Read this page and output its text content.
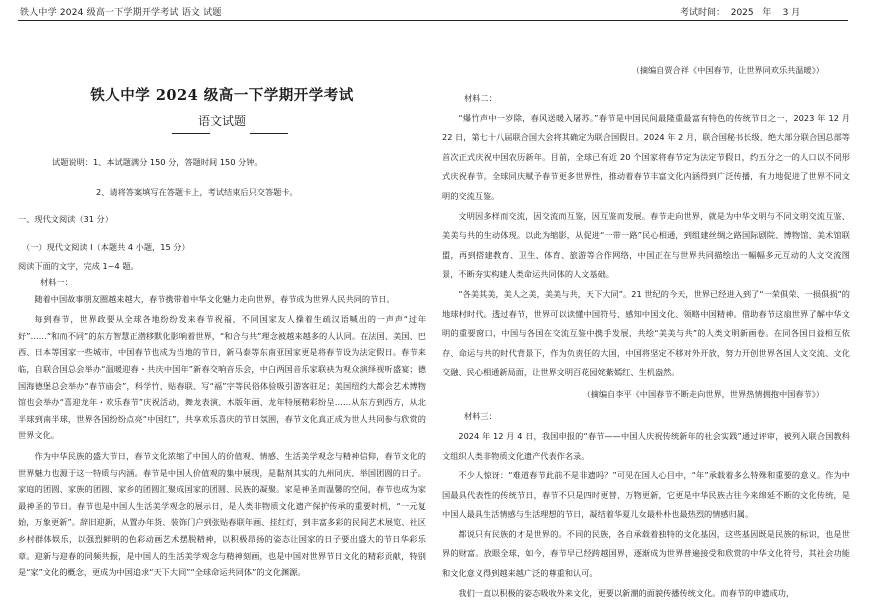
铁人中学 2024 级高一下学期开学考试 语文 试题	考试时间：  2025   年    3 月
铁人中学 2024 级高一下学期开学考试
语文试题
试题说明：1、本试题满分 150 分，答题时间 150 分钟。
2、请将答案填写在答题卡上，考试结束后只交答题卡。
一、现代文阅读（31 分）
（一）现代文阅读 I（本题共 4 小题，15 分）
阅读下面的文字，完成 1~4 题。
材料一：

随着中国故事朋友圈越来越大，春节携带着中华文化魅力走向世界，春节成为世界人民共同的节日。

每到春节，世界政要从全球各地纷纷发来春节祝福，不同国家友人操着生疏汉语喊出的一声声“过年好”……“和而不同”的东方智慧正潜移默化影响着世界，“和合与共”理念被越来越多的人认同。在法国、美国、巴西、日本等国家一些城市，中国春节也成为当地的节日，新马泰等东南亚国家更是将春节设为法定假日。春节来临，自联合国总会举办“温暖迎春・共庆中国年”新春交响音乐会，中白两国音乐家联袂为观众演绎视听盛宴；德国海德堡总会举办“春节庙会”，科学竹、贴春联、写“福”字等民俗体验吸引游客驻足；美国纽约大都会艺术博物馆也会举办“喜迎龙年・欢乐春节”庆祝活动，舞龙表演、木版年画、龙年特展精彩纷呈……从东方到西方，从北半球到南半球，世界各国纷纷点亮“中国红”，共享欢乐喜庆的节日氛围，春节文化真正成为世人共同参与欣赏的世界文化。

作为中华民族的盛大节日，春节文化浓缩了中国人的价值观、情感、生活美学观念与精神信仰，春节文化的世界魅力也源于这一特质与内涵。春节是中国人价值观的集中展现，是黏剂其实的九州同庆、举国团圆的日子。家庭的团圆、家族的团圆、家乡的团圆汇聚成国家的团圆、民族的凝聚。家是神圣而温馨的空间，春节也成为家最神圣的节日。春节也是中国人生活美学观念的展示日，是人类非物质文化遗产保护传承的重要时机，“一元复始，万象更新”。辞旧迎新，从置办年货、装饰门户到张贴春联年画、挂红灯，到丰富多彩的民间艺术展览、社区乡村群体娱乐，以强烈鲜明的色彩动画艺术摆脱精神，以积极昂扬的姿态让国家的日子要出盛大的节日华彩乐章。迎新与迎春的同频共振，是中国人的生活美学观念与精神刻画，也是中国对世界节日文化的精彩贡献，特别是“家”文化的概念，更成为中国追求“天下大同”“全球命运共同体”的文化渊源。

（摘编自贾合祥《中国春节，让世界同欢乐共温暖》）
材料二：

“爆竹声中一岁除，春风送暖入屠苏。”春节是中国民间最隆重最富有特色的传统节日之一，2023 年 12 月 22 日，第七十八届联合国大会将其确定为联合国假日。2024 年 2 月，联合国秘书长级、绝大部分联合国总部等首次正式庆祝中国农历新年。目前，全球已有近 20 个国家将春节定为法定节假日，约五分之一的人口以不同形式庆祝春节。全球同庆赋予春节更多世界性，推动着春节丰富文化内涵得到广泛传播，有力地促进了世界不同文明的交流互鉴。

文明因多样而交流，因交流而互鉴，因互鉴而发展。春节走向世界，就是为中华文明与不同文明交流互鉴、美美与共的生动体现。以此为缩影，从促进“一带一路”民心相通，到组建丝绸之路国际剧院、博物馆、美术馆联盟，再到搭建教育、卫生、体育、旅游等合作网络，中国正在与世界共同描绘出一幅幅多元互动的人文交流图景，不断夯实构建人类命运共同体的人文基础。

“各美其美，美人之美，美美与共，天下大同”。21 世纪的今天，世界已经进入到了“一荣俱荣、一损俱损”的地球村时代。透过春节，世界可以读懂中国符号、感知中国文化、领略中国精神。借助春节这扇世界了解中华文明的重要窗口，中国与各国在交流互鉴中携手发展，共绘“美美与共”的人类文明新画卷。在同各国日益相互依存、命运与共的时代背景下，作为负责任的大国，中国将坚定不移对外开放，努力开创世界各国人文交流、文化交融、民心相通新局面，让世界文明百花园姹紫嫣红、生机盎然。

（摘编自李平《中国春节不断走向世界，世界热情拥抱中国春节》）
材料三：

2024 年 12 月 4 日，我国申报的“春节——中国人庆祝传统新年的社会实践”通过评审，被列入联合国教科文组织人类非物质文化遗产代表作名录。

不少人惊讶：“难道春节此前不是非遗吗？”可见在国人心目中，“年”承载着多么特殊和重要的意义。作为中国最具代表性的传统节日，春节不只是四时更替、万物更新，它更是中华民族古往今来绵延不断的文化传统，是中国人最具生活情感与生活理想的节日，凝结着华夏儿女最朴朴也最热烈的情感归属。

都说只有民族的才是世界的。不同的民族，各自承载着独特的文化基因，这些基因既是民族的标识，也是世界的财富。放眼全球，如今，春节早已经跨越国界，逐渐成为世界普遍接受和欣赏的中华文化符号，其社会功能和文化意义得到越来越广泛的尊重和认可。

我们一直以积极的姿态吸收外来文化，更要以新潮的面貌传播传统文化。而春节的申遗成功，
